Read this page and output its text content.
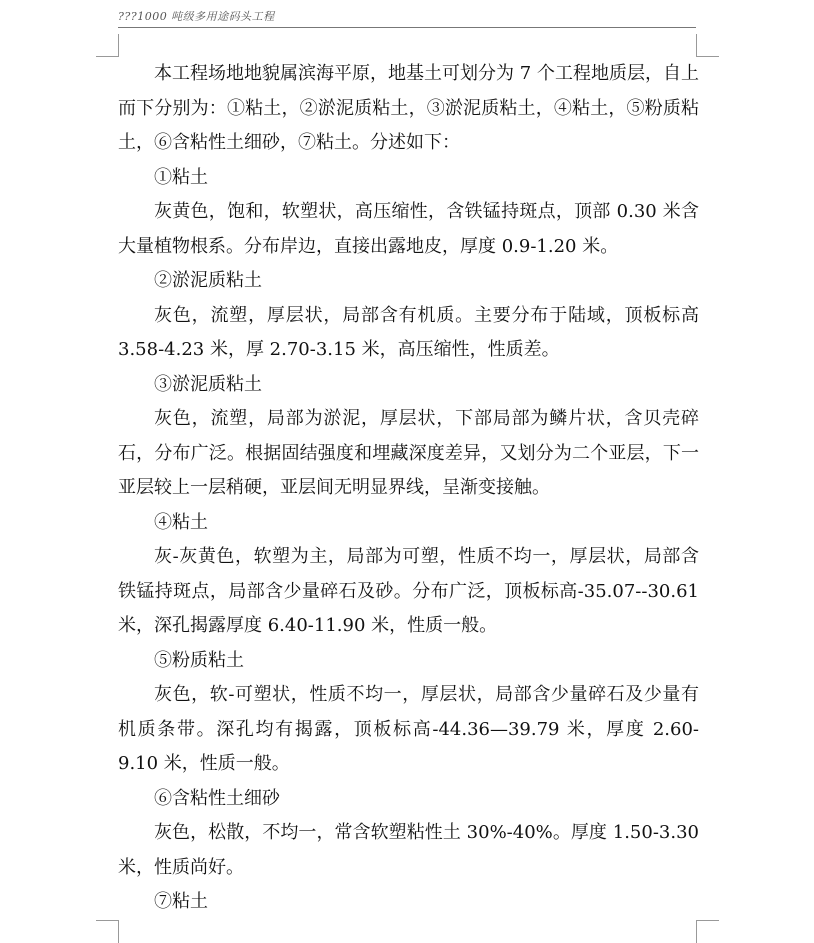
???1000 吨级多用途码头工程

本工程场地地貌属滨海平原，地基土可划分为 7 个工程地质层，自上而下分别为：①粘土，②淤泥质粘土，③淤泥质粘土，④粘土，⑤粉质粘土，⑥含粘性土细砂，⑦粘土。分述如下：

①粘土

灰黄色，饱和，软塑状，高压缩性，含铁锰持斑点，顶部 0.30 米含大量植物根系。分布岸边，直接出露地皮，厚度 0.9-1.20 米。

②淤泥质粘土

灰色，流塑，厚层状，局部含有机质。主要分布于陆域，顶板标高 3.58-4.23 米，厚 2.70-3.15 米，高压缩性，性质差。

③淤泥质粘土

灰色，流塑，局部为淤泥，厚层状，下部局部为鳞片状，含贝壳碎石，分布广泛。根据固结强度和埋藏深度差异，又划分为二个亚层，下一亚层较上一层稍硬，亚层间无明显界线，呈渐变接触。

④粘土

灰-灰黄色，软塑为主，局部为可塑，性质不均一，厚层状，局部含铁锰持斑点，局部含少量碎石及砂。分布广泛，顶板标高-35.07--30.61 米，深孔揭露厚度 6.40-11.90 米，性质一般。

⑤粉质粘土

灰色，软-可塑状，性质不均一，厚层状，局部含少量碎石及少量有机质条带。深孔均有揭露，顶板标高-44.36—39.79 米，厚度 2.60-9.10 米，性质一般。

⑥含粘性土细砂

灰色，松散，不均一，常含软塑粘性土 30%-40%。厚度 1.50-3.30 米，性质尚好。

⑦粘土
